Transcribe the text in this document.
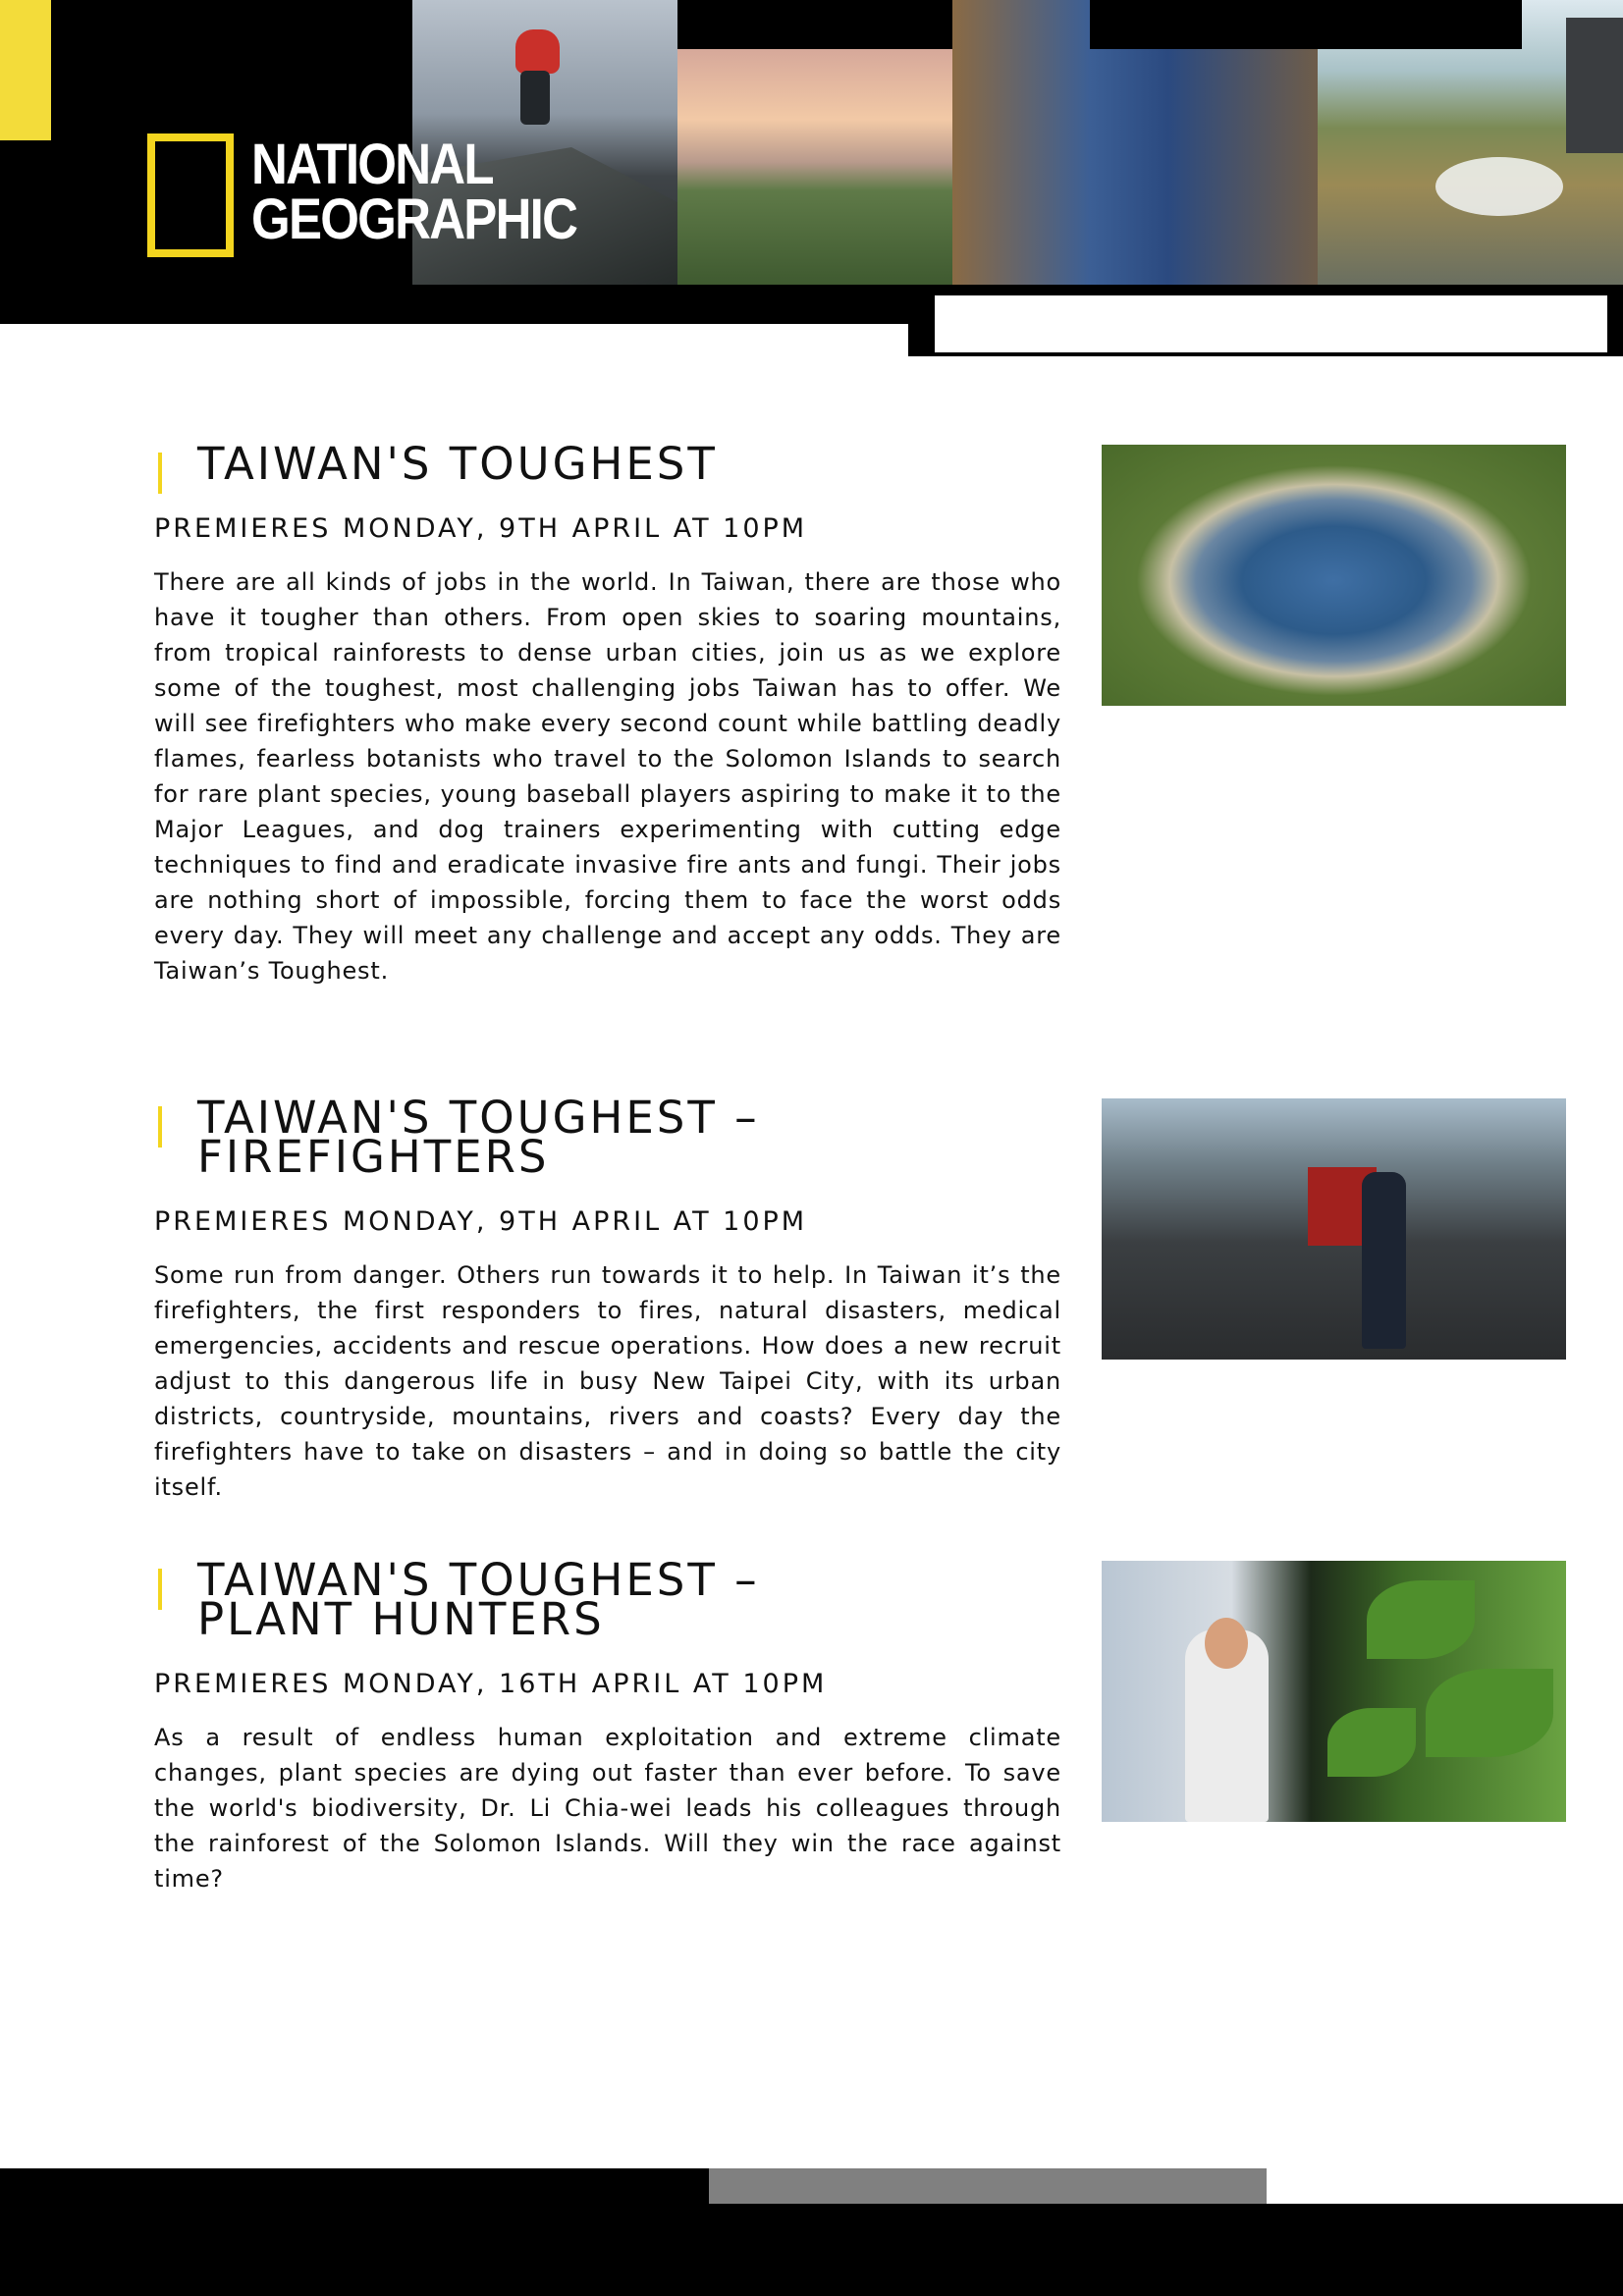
NATIONAL
GEOGRAPHIC
TAIWAN'S TOUGHEST

PREMIERES MONDAY, 9TH APRIL AT 10PM

There are all kinds of jobs in the world. In Taiwan, there are those who have it tougher than others. From open skies to soaring mountains, from tropical rainforests to dense urban cities, join us as we explore some of the toughest, most challenging jobs Taiwan has to offer. We will see firefighters who make every second count while battling deadly flames, fearless botanists who travel to the Solomon Islands to search for rare plant species, young baseball players aspiring to make it to the Major Leagues, and dog trainers experimenting with cutting edge techniques to find and eradicate invasive fire ants and fungi. Their jobs are nothing short of impossible, forcing them to face the worst odds every day. They will meet any challenge and accept any odds. They are Taiwan’s Toughest.

TAIWAN'S TOUGHEST – FIREFIGHTERS

PREMIERES MONDAY, 9TH APRIL AT 10PM

Some run from danger. Others run towards it to help. In Taiwan it’s the firefighters, the first responders to fires, natural disasters, medical emergencies, accidents and rescue operations. How does a new recruit adjust to this dangerous life in busy New Taipei City, with its urban districts, countryside, mountains, rivers and coasts? Every day the firefighters have to take on disasters – and in doing so battle the city itself.

TAIWAN'S TOUGHEST – PLANT HUNTERS

PREMIERES MONDAY, 16TH APRIL AT 10PM

As a result of endless human exploitation and extreme climate changes, plant species are dying out faster than ever before. To save the world's biodiversity, Dr. Li Chia-wei leads his colleagues through the rainforest of the Solomon Islands. Will they win the race against time?
